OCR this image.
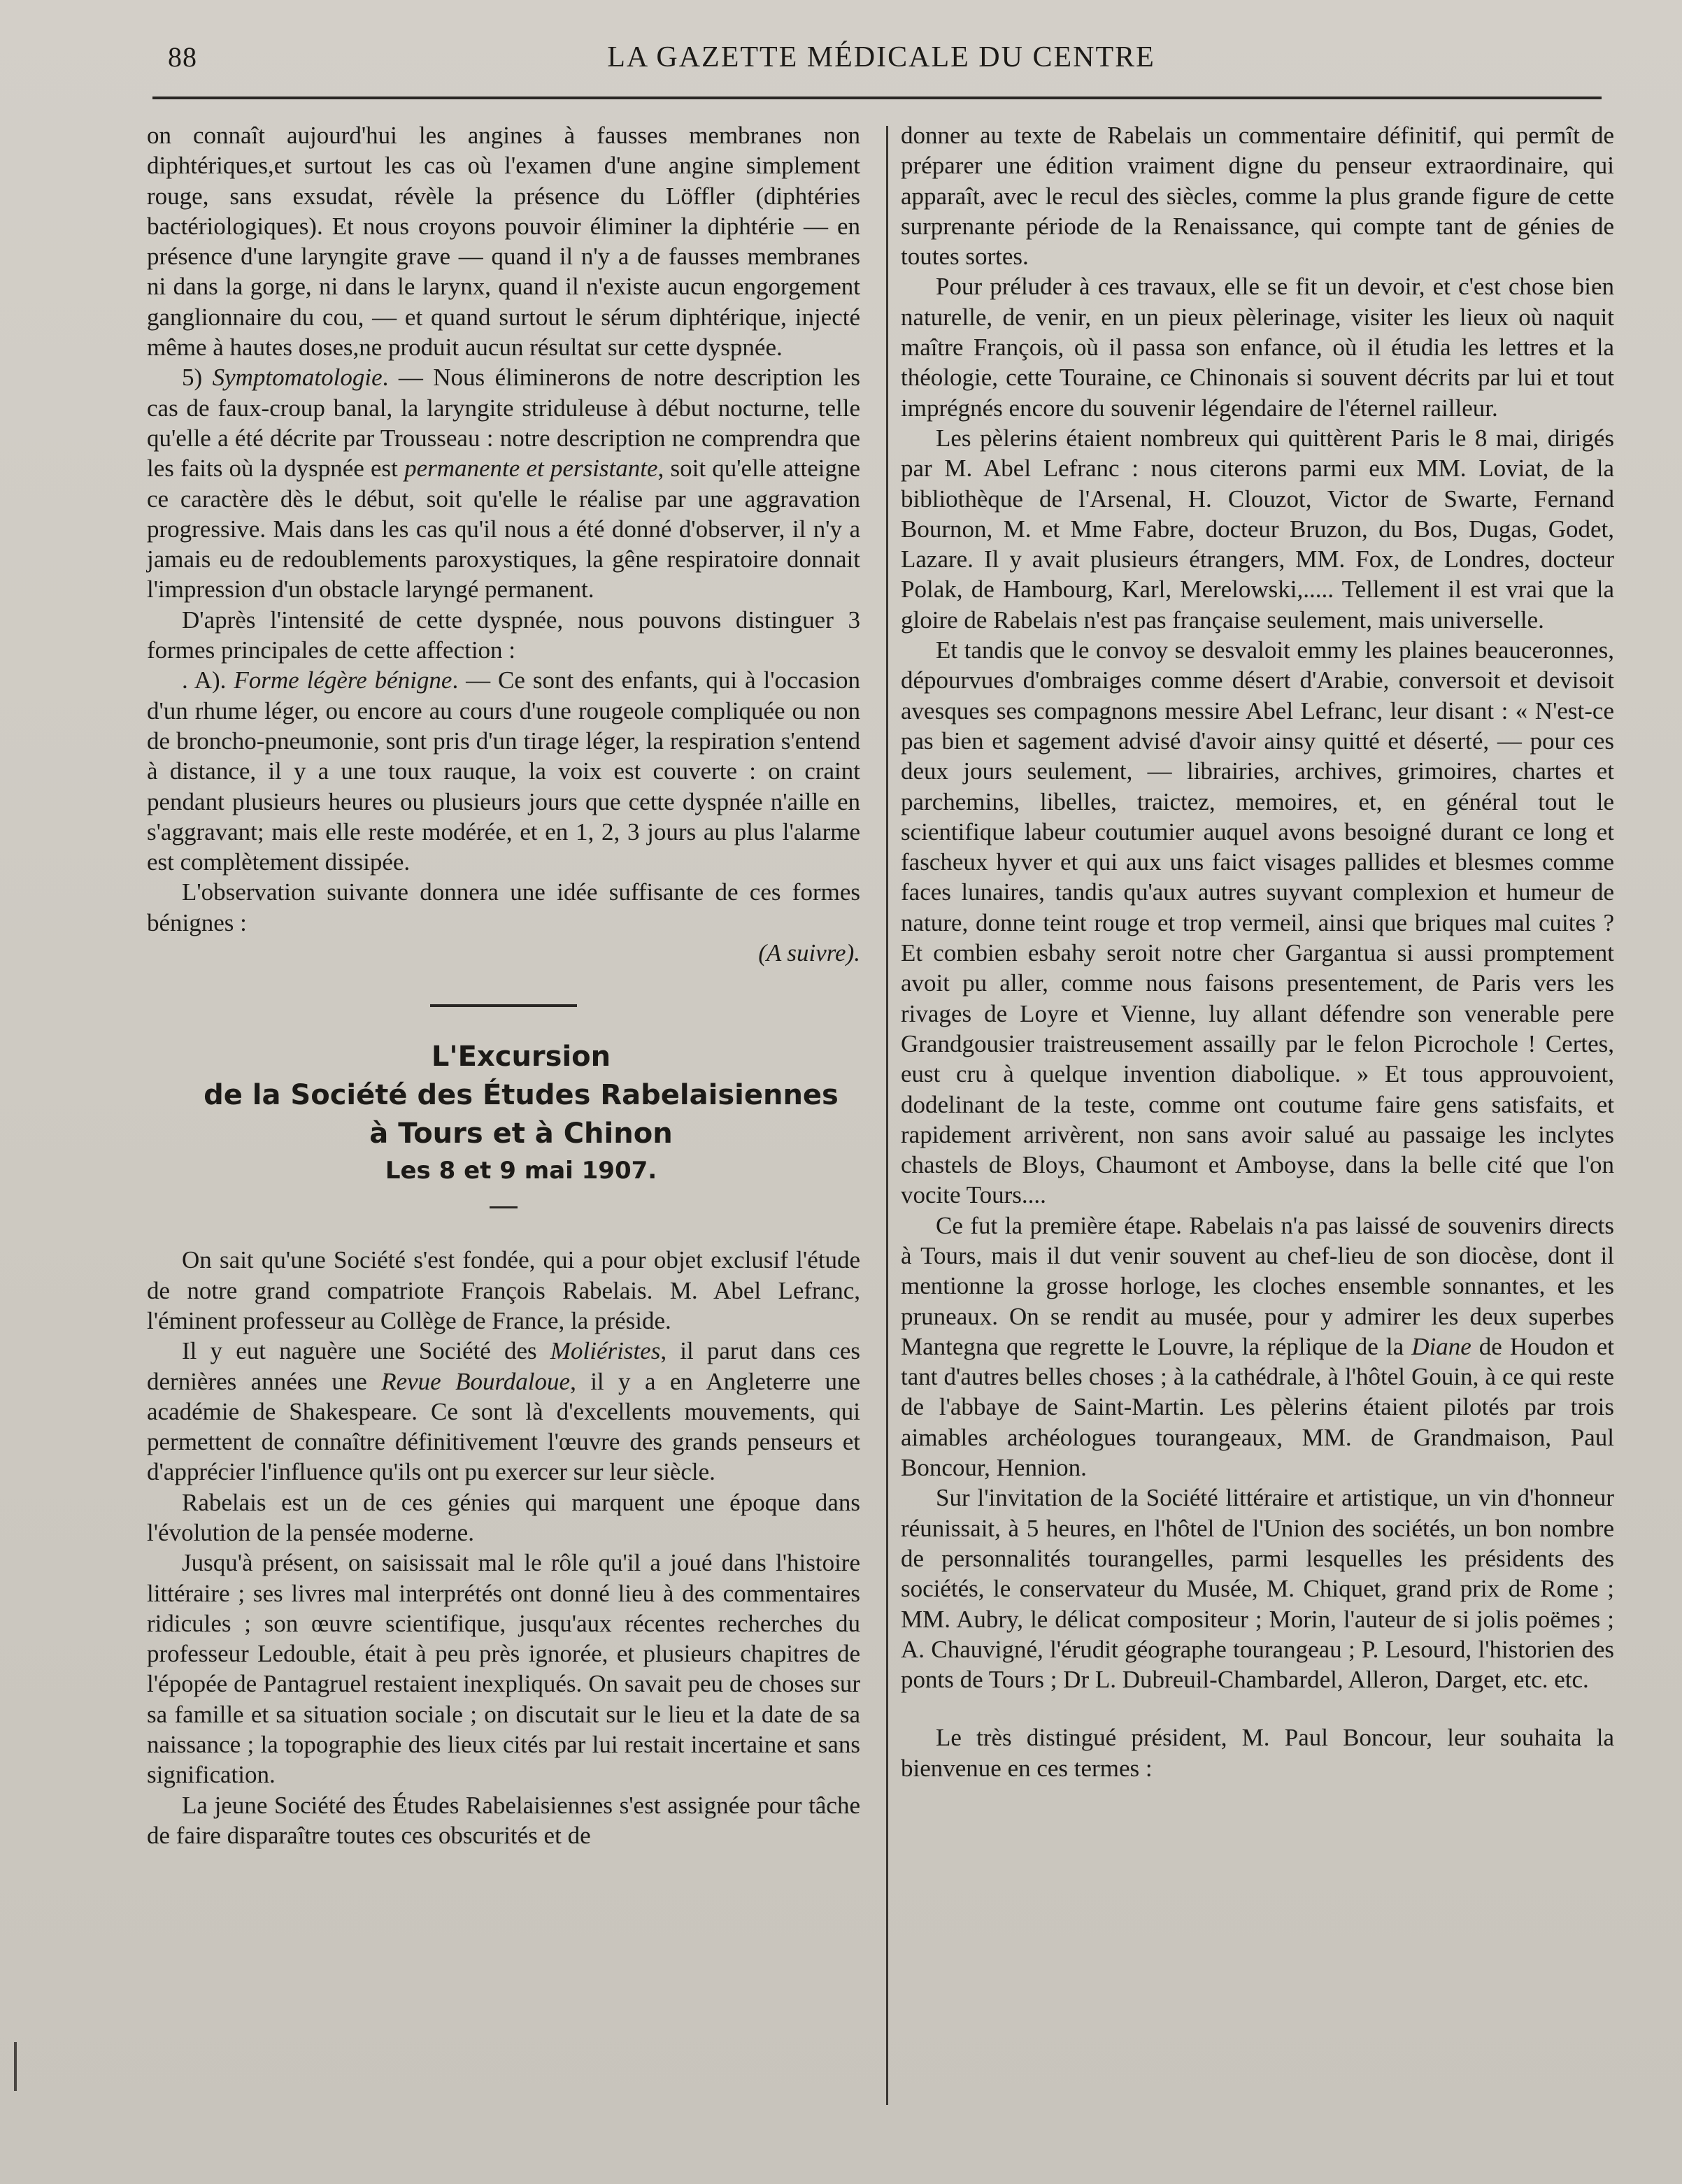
88	LA GAZETTE MÉDICALE DU CENTRE

on connaît aujourd'hui les angines à fausses membranes non diphtériques,et surtout les cas où l'examen d'une angine simplement rouge, sans exsudat, révèle la présence du Löffler (diphtéries bactériologiques). Et nous croyons pouvoir éliminer la diphtérie — en présence d'une laryngite grave — quand il n'y a de fausses membranes ni dans la gorge, ni dans le larynx, quand il n'existe aucun engorgement ganglionnaire du cou, — et quand surtout le sérum diphtérique, injecté même à hautes doses,ne produit aucun résultat sur cette dyspnée.

5) Symptomatologie. — Nous éliminerons de notre description les cas de faux-croup banal, la laryngite striduleuse à début nocturne, telle qu'elle a été décrite par Trousseau : notre description ne comprendra que les faits où la dyspnée est permanente et persistante, soit qu'elle atteigne ce caractère dès le début, soit qu'elle le réalise par une aggravation progressive. Mais dans les cas qu'il nous a été donné d'observer, il n'y a jamais eu de redoublements paroxystiques, la gêne respiratoire donnait l'impression d'un obstacle laryngé permanent.

D'après l'intensité de cette dyspnée, nous pouvons distinguer 3 formes principales de cette affection :

. A). Forme légère bénigne. — Ce sont des enfants, qui à l'occasion d'un rhume léger, ou encore au cours d'une rougeole compliquée ou non de broncho-pneumonie, sont pris d'un tirage léger, la respiration s'entend à distance, il y a une toux rauque, la voix est couverte : on craint pendant plusieurs heures ou plusieurs jours que cette dyspnée n'aille en s'aggravant; mais elle reste modérée, et en 1, 2, 3 jours au plus l'alarme est complètement dissipée.

L'observation suivante donnera une idée suffisante de ces formes bénignes :

(A suivre).

L'Excursion

de la Société des Études Rabelaisiennes

à Tours et à Chinon

Les 8 et 9 mai 1907.

On sait qu'une Société s'est fondée, qui a pour objet exclusif l'étude de notre grand compatriote François Rabelais. M. Abel Lefranc, l'éminent professeur au Collège de France, la préside.

Il y eut naguère une Société des Moliéristes, il parut dans ces dernières années une Revue Bourdaloue, il y a en Angleterre une académie de Shakespeare. Ce sont là d'excellents mouvements, qui permettent de connaître définitivement l'œuvre des grands penseurs et d'apprécier l'influence qu'ils ont pu exercer sur leur siècle.

Rabelais est un de ces génies qui marquent une époque dans l'évolution de la pensée moderne.

Jusqu'à présent, on saisissait mal le rôle qu'il a joué dans l'histoire littéraire ; ses livres mal interprétés ont donné lieu à des commentaires ridicules ; son œuvre scientifique, jusqu'aux récentes recherches du professeur Ledouble, était à peu près ignorée, et plusieurs chapitres de l'épopée de Pantagruel restaient inexpliqués. On savait peu de choses sur sa famille et sa situation sociale ; on discutait sur le lieu et la date de sa naissance ; la topographie des lieux cités par lui restait incertaine et sans signification.

La jeune Société des Études Rabelaisiennes s'est assignée pour tâche de faire disparaître toutes ces obscurités et de

donner au texte de Rabelais un commentaire définitif, qui permît de préparer une édition vraiment digne du penseur extraordinaire, qui apparaît, avec le recul des siècles, comme la plus grande figure de cette surprenante période de la Renaissance, qui compte tant de génies de toutes sortes.

Pour préluder à ces travaux, elle se fit un devoir, et c'est chose bien naturelle, de venir, en un pieux pèlerinage, visiter les lieux où naquit maître François, où il passa son enfance, où il étudia les lettres et la théologie, cette Touraine, ce Chinonais si souvent décrits par lui et tout imprégnés encore du souvenir légendaire de l'éternel railleur.

Les pèlerins étaient nombreux qui quittèrent Paris le 8 mai, dirigés par M. Abel Lefranc : nous citerons parmi eux MM. Loviat, de la bibliothèque de l'Arsenal, H. Clouzot, Victor de Swarte, Fernand Bournon, M. et Mme Fabre, docteur Bruzon, du Bos, Dugas, Godet, Lazare. Il y avait plusieurs étrangers, MM. Fox, de Londres, docteur Polak, de Hambourg, Karl, Merelowski,..... Tellement il est vrai que la gloire de Rabelais n'est pas française seulement, mais universelle.

Et tandis que le convoy se desvaloit emmy les plaines beauceronnes, dépourvues d'ombraiges comme désert d'Arabie, conversoit et devisoit avesques ses compagnons messire Abel Lefranc, leur disant : « N'est-ce pas bien et sagement advisé d'avoir ainsy quitté et déserté, — pour ces deux jours seulement, — librairies, archives, grimoires, chartes et parchemins, libelles, traictez, memoires, et, en général tout le scientifique labeur coutumier auquel avons besoigné durant ce long et fascheux hyver et qui aux uns faict visages pallides et blesmes comme faces lunaires, tandis qu'aux autres suyvant complexion et humeur de nature, donne teint rouge et trop vermeil, ainsi que briques mal cuites ? Et combien esbahy seroit notre cher Gargantua si aussi promptement avoit pu aller, comme nous faisons presentement, de Paris vers les rivages de Loyre et Vienne, luy allant défendre son venerable pere Grandgousier traistreusement assailly par le felon Picrochole ! Certes, eust cru à quelque invention diabolique. » Et tous approuvoient, dodelinant de la teste, comme ont coutume faire gens satisfaits, et rapidement arrivèrent, non sans avoir salué au passaige les inclytes chastels de Bloys, Chaumont et Amboyse, dans la belle cité que l'on vocite Tours....

Ce fut la première étape. Rabelais n'a pas laissé de souvenirs directs à Tours, mais il dut venir souvent au chef-lieu de son diocèse, dont il mentionne la grosse horloge, les cloches ensemble sonnantes, et les pruneaux. On se rendit au musée, pour y admirer les deux superbes Mantegna que regrette le Louvre, la réplique de la Diane de Houdon et tant d'autres belles choses ; à la cathédrale, à l'hôtel Gouin, à ce qui reste de l'abbaye de Saint-Martin. Les pèlerins étaient pilotés par trois aimables archéologues tourangeaux, MM. de Grandmaison, Paul Boncour, Hennion.

Sur l'invitation de la Société littéraire et artistique, un vin d'honneur réunissait, à 5 heures, en l'hôtel de l'Union des sociétés, un bon nombre de personnalités tourangelles, parmi lesquelles les présidents des sociétés, le conservateur du Musée, M. Chiquet, grand prix de Rome ; MM. Aubry, le délicat compositeur ; Morin, l'auteur de si jolis poëmes ; A. Chauvigné, l'érudit géographe tourangeau ; P. Lesourd, l'historien des ponts de Tours ; Dr L. Dubreuil-Chambardel, Alleron, Darget, etc. etc.

Le très distingué président, M. Paul Boncour, leur souhaita la bienvenue en ces termes :
